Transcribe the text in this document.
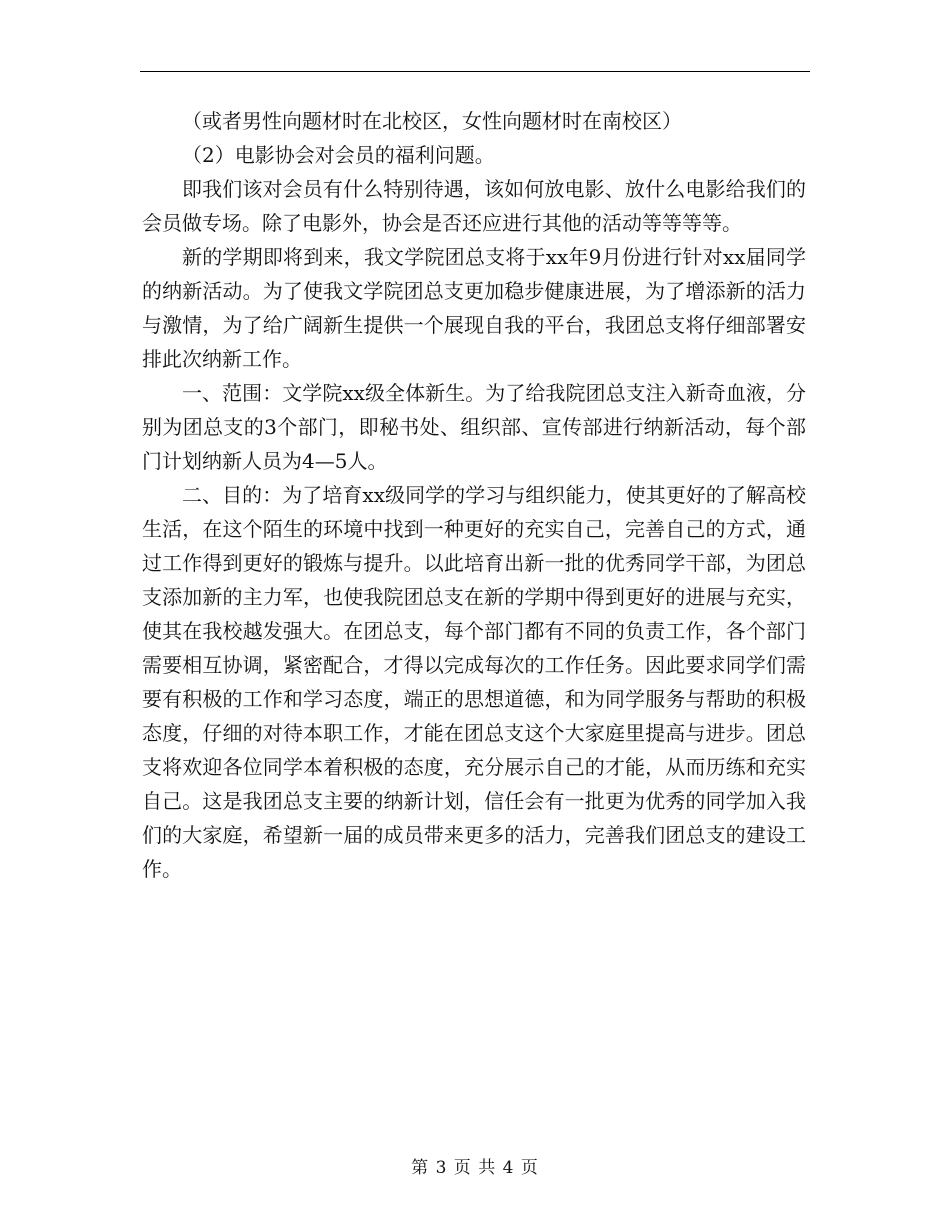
（或者男性向题材时在北校区，女性向题材时在南校区）

（2）电影协会对会员的福利问题。

即我们该对会员有什么特别待遇，该如何放电影、放什么电影给我们的会员做专场。除了电影外，协会是否还应进行其他的活动等等等等。

新的学期即将到来，我文学院团总支将于xx年9月份进行针对xx届同学的纳新活动。为了使我文学院团总支更加稳步健康进展，为了增添新的活力与激情，为了给广阔新生提供一个展现自我的平台，我团总支将仔细部署安排此次纳新工作。

一、范围：文学院xx级全体新生。为了给我院团总支注入新奇血液，分别为团总支的3个部门，即秘书处、组织部、宣传部进行纳新活动，每个部门计划纳新人员为4—5人。

二、目的：为了培育xx级同学的学习与组织能力，使其更好的了解高校生活，在这个陌生的环境中找到一种更好的充实自己，完善自己的方式，通过工作得到更好的锻炼与提升。以此培育出新一批的优秀同学干部，为团总支添加新的主力军，也使我院团总支在新的学期中得到更好的进展与充实，使其在我校越发强大。在团总支，每个部门都有不同的负责工作，各个部门需要相互协调，紧密配合，才得以完成每次的工作任务。因此要求同学们需要有积极的工作和学习态度，端正的思想道德，和为同学服务与帮助的积极态度，仔细的对待本职工作，才能在团总支这个大家庭里提高与进步。团总支将欢迎各位同学本着积极的态度，充分展示自己的才能，从而历练和充实自己。这是我团总支主要的纳新计划，信任会有一批更为优秀的同学加入我们的大家庭，希望新一届的成员带来更多的活力，完善我们团总支的建设工作。

第 3 页 共 4 页
